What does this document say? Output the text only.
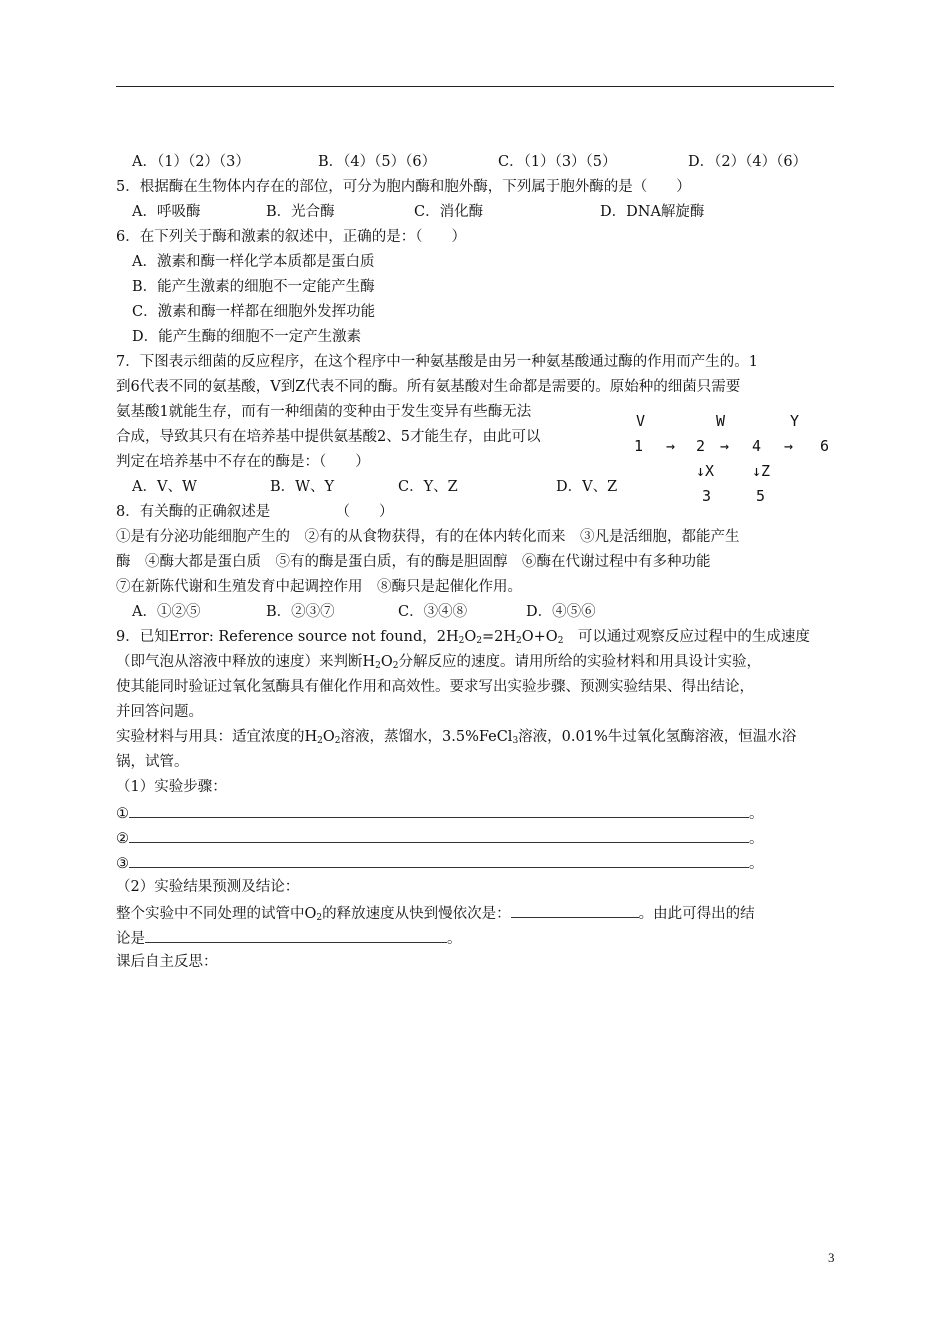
A．（1）（2）（3）	B．（4）（5）（6）	C．（1）（3）（5）	D．（2）（4）（6）
5．根据酶在生物体内存在的部位，可分为胞内酶和胞外酶，下列属于胞外酶的是（　　）
A．呼吸酶	B．光合酶	C．消化酶	D．DNA解旋酶
6．在下列关于酶和激素的叙述中，正确的是：（　　）
A．激素和酶一样化学本质都是蛋白质
B．能产生激素的细胞不一定能产生酶
C．激素和酶一样都在细胞外发挥功能
D．能产生酶的细胞不一定产生激素
7．下图表示细菌的反应程序，在这个程序中一种氨基酸是由另一种氨基酸通过酶的作用而产生的。1
到6代表不同的氨基酸，V到Z代表不同的酶。所有氨基酸对生命都是需要的。原始种的细菌只需要
氨基酸1就能生存，而有一种细菌的变种由于发生变异有些酶无法
合成，导致其只有在培养基中提供氨基酸2、5才能生存，由此可以
判定在培养基中不存在的酶是：（　　）
A．V、W	B．W、Y	C．Y、Z	D．V、Z
V	W	Y
1 → 2 → 4 → 6
↓X	↓Z
3	5
8．有关酶的正确叙述是　　　　　（　　）
①是有分泌功能细胞产生的　②有的从食物获得，有的在体内转化而来　③凡是活细胞，都能产生
酶　④酶大都是蛋白质　⑤有的酶是蛋白质，有的酶是胆固醇　⑥酶在代谢过程中有多种功能
⑦在新陈代谢和生殖发育中起调控作用　⑧酶只是起催化作用。
A．①②⑤	B．②③⑦	C．③④⑧	D．④⑤⑥
9．已知Error: Reference source not found，$2H_2O_2=2H_2O+O_2$　可以通过观察反应过程中的生成速度
（即气泡从溶液中释放的速度）来判断$H_2O_2$分解反应的速度。请用所给的实验材料和用具设计实验，
使其能同时验证过氧化氢酶具有催化作用和高效性。要求写出实验步骤、预测实验结果、得出结论，
并回答问题。
实验材料与用具：适宜浓度的$H_2O_2$溶液，蒸馏水，3.5%FeCl$_3$溶液，0.01%牛过氧化氢酶溶液，恒温水浴
锅，试管。
（1）实验步骤：
①	。
②	。
③	。
（2）实验结果预测及结论：
整个实验中不同处理的试管中$O_2$的释放速度从快到慢依次是：	。由此可得出的结
论是	。
课后自主反思：
3
